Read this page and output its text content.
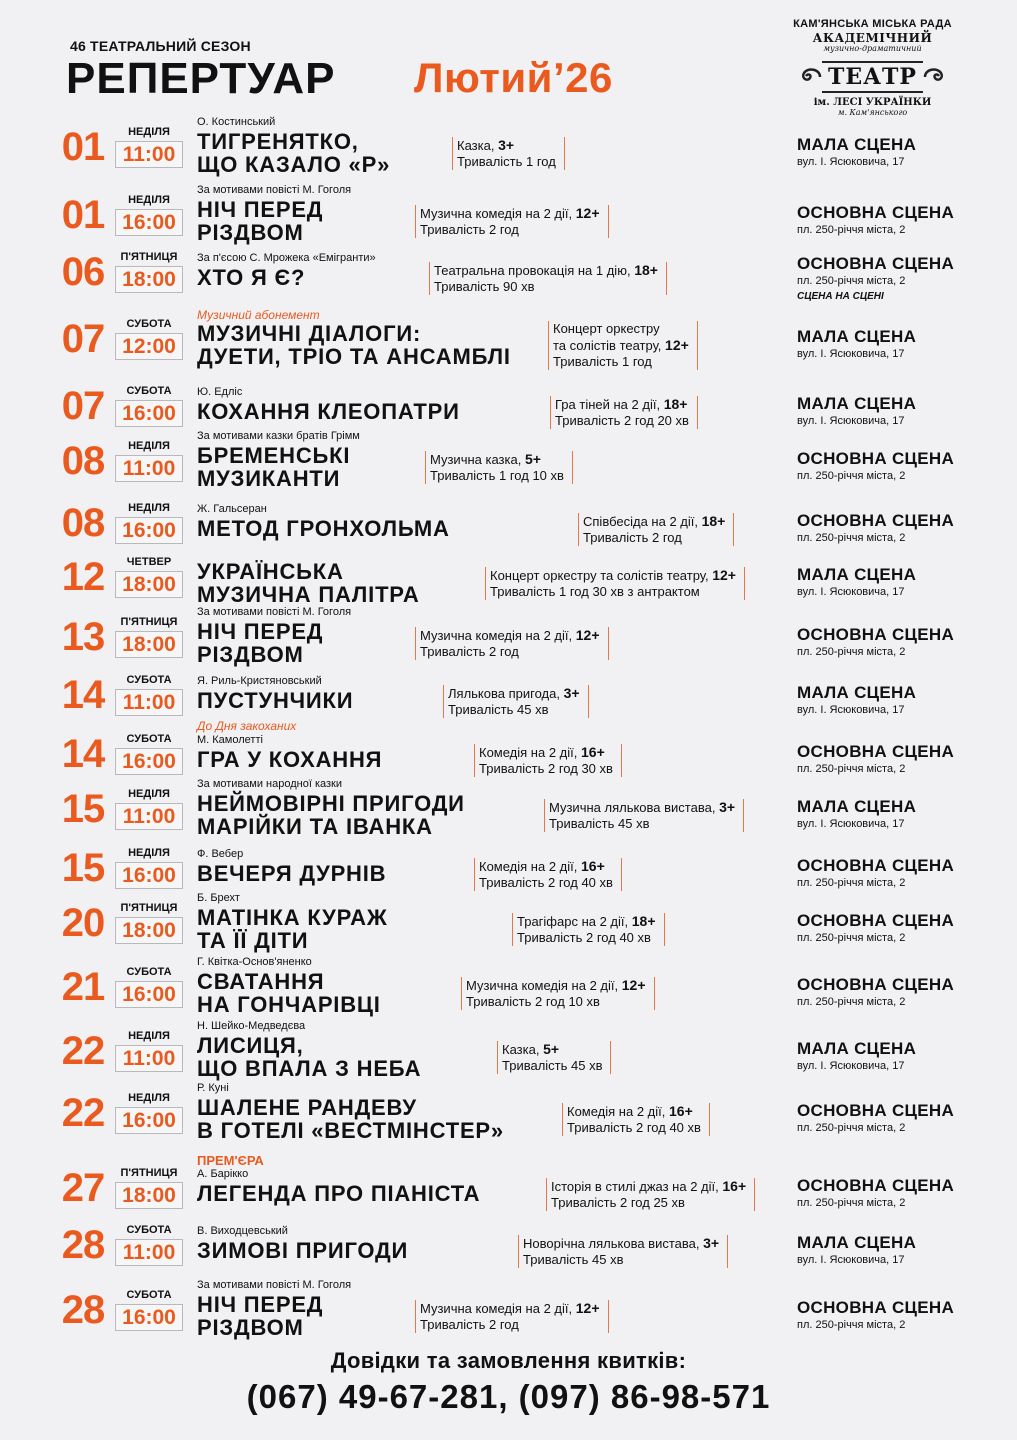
46 ТЕАТРАЛЬНИЙ СЕЗОН
РЕПЕРТУАР Лютий’26
КАМ'ЯНСЬКА МІСЬКА РАДА
АКАДЕМІЧНИЙ
музично-драматичний
ТЕАТР
ім. ЛЕСІ УКРАЇНКИ
м. Кам'янського
01	НЕДІЛЯ
11:00
О. Костинський
ТИГРЕНЯТКО,
ЩО КАЗАЛО «Р»
Казка, 3+
Тривалість 1 год
МАЛА СЦЕНА
вул. І. Ясюковича, 17
01	НЕДІЛЯ
16:00
За мотивами повісті М. Гоголя
НІЧ ПЕРЕД
РІЗДВОМ
Музична комедія на 2 дії, 12+
Тривалість 2 год
ОСНОВНА СЦЕНА
пл. 250-річчя міста, 2
06	П'ЯТНИЦЯ
18:00
За п'єсою С. Мрожека «Емігранти»
ХТО Я Є?	Театральна провокація на 1 дію, 18+
Тривалість 90 хв
ОСНОВНА СЦЕНА
пл. 250-річчя міста, 2
СЦЕНА НА СЦЕНІ
07	СУБОТА
12:00
Музичний абонемент
МУЗИЧНІ ДІАЛОГИ:
ДУЕТИ, ТРІО ТА АНСАМБЛІ
Концерт оркестру
та солістів театру, 12+
Тривалість 1 год
МАЛА СЦЕНА
вул. І. Ясюковича, 17
07	СУБОТА
16:00
Ю. Едліс
КОХАННЯ КЛЕОПАТРИ	Гра тіней на 2 дії, 18+
Тривалість 2 год 20 хв
МАЛА СЦЕНА
вул. І. Ясюковича, 17
08	НЕДІЛЯ
11:00
За мотивами казки братів Грімм
БРЕМЕНСЬКІ
МУЗИКАНТИ
Музична казка, 5+
Тривалість 1 год 10 хв
ОСНОВНА СЦЕНА
пл. 250-річчя міста, 2
08	НЕДІЛЯ
16:00
Ж. Гальсеран
МЕТОД ГРОНХОЛЬМА	Співбесіда на 2 дії, 18+
Тривалість 2 год
ОСНОВНА СЦЕНА
пл. 250-річчя міста, 2
12	ЧЕТВЕР
18:00
УКРАЇНСЬКА
МУЗИЧНА ПАЛІТРА
Концерт оркестру та солістів театру, 12+
Тривалість 1 год 30 хв з антрактом
МАЛА СЦЕНА
вул. І. Ясюковича, 17
13	П'ЯТНИЦЯ
18:00
За мотивами повісті М. Гоголя
НІЧ ПЕРЕД
РІЗДВОМ
Музична комедія на 2 дії, 12+
Тривалість 2 год
ОСНОВНА СЦЕНА
пл. 250-річчя міста, 2
14	СУБОТА
11:00
Я. Риль-Кристяновський
ПУСТУНЧИКИ	Лялькова пригода, 3+
Тривалість 45 хв
МАЛА СЦЕНА
вул. І. Ясюковича, 17
14	СУБОТА
16:00
До Дня закоханих
М. Камолетті
ГРА У КОХАННЯ	Комедія на 2 дії, 16+
Тривалість 2 год 30 хв
ОСНОВНА СЦЕНА
пл. 250-річчя міста, 2
15	НЕДІЛЯ
11:00
За мотивами народної казки
НЕЙМОВІРНІ ПРИГОДИ
МАРІЙКИ ТА ІВАНКА
Музична лялькова вистава, 3+
Тривалість 45 хв
МАЛА СЦЕНА
вул. І. Ясюковича, 17
15	НЕДІЛЯ
16:00
Ф. Вебер
ВЕЧЕРЯ ДУРНІВ	Комедія на 2 дії, 16+
Тривалість 2 год 40 хв
ОСНОВНА СЦЕНА
пл. 250-річчя міста, 2
20	П'ЯТНИЦЯ
18:00
Б. Брехт
МАТІНКА КУРАЖ
ТА ЇЇ ДІТИ
Трагіфарс на 2 дії, 18+
Тривалість 2 год 40 хв
ОСНОВНА СЦЕНА
пл. 250-річчя міста, 2
21	СУБОТА
16:00
Г. Квітка-Основ'яненко
СВАТАННЯ
НА ГОНЧАРІВЦІ
Музична комедія на 2 дії, 12+
Тривалість 2 год 10 хв
ОСНОВНА СЦЕНА
пл. 250-річчя міста, 2
22	НЕДІЛЯ
11:00
Н. Шейко-Медведєва
ЛИСИЦЯ,
ЩО ВПАЛА З НЕБА
Казка, 5+
Тривалість 45 хв
МАЛА СЦЕНА
вул. І. Ясюковича, 17
22	НЕДІЛЯ
16:00
Р. Куні
ШАЛЕНЕ РАНДЕВУ
В ГОТЕЛІ «ВЕСТМІНСТЕР»
Комедія на 2 дії, 16+
Тривалість 2 год 40 хв
ОСНОВНА СЦЕНА
пл. 250-річчя міста, 2
27	П'ЯТНИЦЯ
18:00
ПРЕМ'ЄРА
А. Барікко
ЛЕГЕНДА ПРО ПІАНІСТА	Історія в стилі джаз на 2 дії, 16+
Тривалість 2 год 25 хв
ОСНОВНА СЦЕНА
пл. 250-річчя міста, 2
28	СУБОТА
11:00
В. Виходцевський
ЗИМОВІ ПРИГОДИ	Новорічна лялькова вистава, 3+
Тривалість 45 хв
МАЛА СЦЕНА
вул. І. Ясюковича, 17
28	СУБОТА
16:00
За мотивами повісті М. Гоголя
НІЧ ПЕРЕД
РІЗДВОМ
Музична комедія на 2 дії, 12+
Тривалість 2 год
ОСНОВНА СЦЕНА
пл. 250-річчя міста, 2
Довідки та замовлення квитків:
(067) 49-67-281, (097) 86-98-571
